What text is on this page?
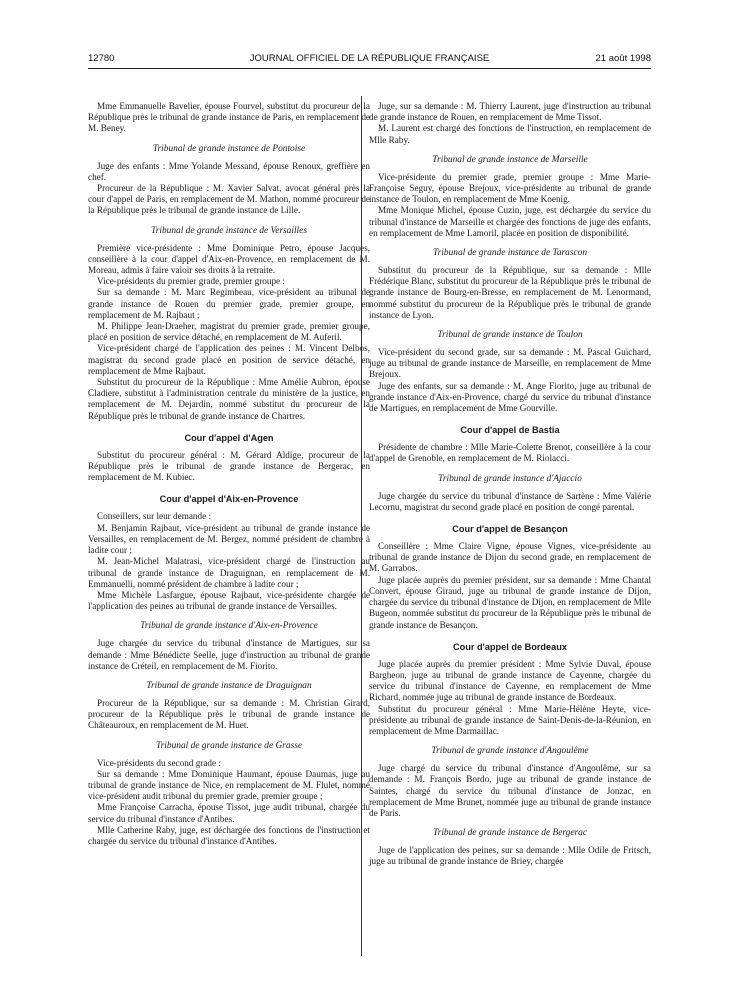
12780	JOURNAL OFFICIEL DE LA RÉPUBLIQUE FRANÇAISE	21 août 1998

Mme Emmanuelle Bavelier, épouse Fourvel, substitut du procureur de la République près le tribunal de grande instance de Paris, en remplacement de M. Beney.

Tribunal de grande instance de Pontoise

Juge des enfants : Mme Yolande Messand, épouse Renoux, greffière en chef.

Procureur de la République : M. Xavier Salvat, avocat général près la cour d'appel de Paris, en remplacement de M. Mathon, nommé procureur de la République près le tribunal de grande instance de Lille.

Tribunal de grande instance de Versailles

Première vice-présidente : Mme Dominique Petro, épouse Jacques, conseillère à la cour d'appel d'Aix-en-Provence, en remplacement de M. Moreau, admis à faire valoir ses droits à la retraite.

Vice-présidents du premier grade, premier groupe :

Sur sa demande : M. Marc Regimbeau, vice-président au tribunal de grande instance de Rouen du premier grade, premier groupe, en remplacement de M. Rajbaut ;

M. Philippe Jean-Draeher, magistrat du premier grade, premier groupe, placé en position de service détaché, en remplacement de M. Auferil.

Vice-président chargé de l'application des peines : M. Vincent Delbos, magistrat du second grade placé en position de service détaché, en remplacement de Mme Rajbaut.

Substitut du procureur de la République : Mme Amélie Aubron, épouse Cladiere, substitut à l'administration centrale du ministère de la justice, en remplacement de M. Dejardin, nommé substitut du procureur de la République près le tribunal de grande instance de Chartres.

Cour d'appel d'Agen

Substitut du procureur général : M. Gérard Aldige, procureur de la République près le tribunal de grande instance de Bergerac, en remplacement de M. Kubiec.

Cour d'appel d'Aix-en-Provence

Conseillers, sur leur demande :

M. Benjamin Rajbaut, vice-président au tribunal de grande instance de Versailles, en remplacement de M. Bergez, nommé président de chambre à ladite cour ;

M. Jean-Michel Malatrasi, vice-président chargé de l'instruction au tribunal de grande instance de Draguignan, en remplacement de M. Emmanuelli, nommé président de chambre à ladite cour ;

Mme Michèle Lasfargue, épouse Rajbaut, vice-présidente chargée de l'application des peines au tribunal de grande instance de Versailles.

Tribunal de grande instance d'Aix-en-Provence

Juge chargée du service du tribunal d'instance de Martigues, sur sa demande : Mme Bénédicte Seelle, juge d'instruction au tribunal de grande instance de Créteil, en remplacement de M. Fiorito.

Tribunal de grande instance de Draguignan

Procureur de la République, sur sa demande : M. Christian Girard, procureur de la République près le tribunal de grande instance de Châteauroux, en remplacement de M. Huet.

Tribunal de grande instance de Grasse

Vice-présidents du second grade :

Sur sa demande : Mme Dominique Haumant, épouse Daumas, juge au tribunal de grande instance de Nice, en remplacement de M. Flulet, nommé vice-président audit tribunal du premier grade, premier groupe ;

Mme Françoise Carracha, épouse Tissot, juge audit tribunal, chargée du service du tribunal d'instance d'Antibes.

Mlle Catherine Raby, juge, est déchargée des fonctions de l'instruction et chargée du service du tribunal d'instance d'Antibes.

Juge, sur sa demande : M. Thierry Laurent, juge d'instruction au tribunal de grande instance de Rouen, en remplacement de Mme Tissot.

M. Laurent est chargé des fonctions de l'instruction, en remplacement de Mlle Raby.

Tribunal de grande instance de Marseille

Vice-présidente du premier grade, premier groupe : Mme Marie-Françoise Seguy, épouse Brejoux, vice-présidente au tribunal de grande instance de Toulon, en remplacement de Mme Koenig.

Mme Monique Michel, épouse Cuzin, juge, est déchargée du service du tribunal d'instance de Marseille et chargée des fonctions de juge des enfants, en remplacement de Mme Lamoril, placée en position de disponibilité.

Tribunal de grande instance de Tarascon

Substitut du procureur de la République, sur sa demande : Mlle Frédérique Blanc, substitut du procureur de la République près le tribunal de grande instance de Bourg-en-Bresse, en remplacement de M. Lenormand, nommé substitut du procureur de la République près le tribunal de grande instance de Lyon.

Tribunal de grande instance de Toulon

Vice-président du second grade, sur sa demande : M. Pascal Guichard, juge au tribunal de grande instance de Marseille, en remplacement de Mme Brejoux.

Juge des enfants, sur sa demande : M. Ange Fiorito, juge au tribunal de grande instance d'Aix-en-Provence, chargé du service du tribunal d'instance de Martigues, en remplacement de Mme Gourville.

Cour d'appel de Bastia

Présidente de chambre : Mlle Marie-Colette Brenot, conseillère à la cour d'appel de Grenoble, en remplacement de M. Riolacci.

Tribunal de grande instance d'Ajaccio

Juge chargée du service du tribunal d'instance de Sartène : Mme Valérie Lecornu, magistrat du second grade placé en position de congé parental.

Cour d'appel de Besançon

Conseillère : Mme Claire Vigne, épouse Vignes, vice-présidente au tribunal de grande instance de Dijon du second grade, en remplacement de M. Garrabos.

Juge placée auprès du premier président, sur sa demande : Mme Chantal Convert, épouse Giraud, juge au tribunal de grande instance de Dijon, chargée du service du tribunal d'instance de Dijon, en remplacement de Mlle Bugeon, nommée substitut du procureur de la République près le tribunal de grande instance de Besançon.

Cour d'appel de Bordeaux

Juge placée auprès du premier président : Mme Sylvie Duval, épouse Bargheon, juge au tribunal de grande instance de Cayenne, chargée du service du tribunal d'instance de Cayenne, en remplacement de Mme Richard, nommée juge au tribunal de grande instance de Bordeaux.

Substitut du procureur général : Mme Marie-Hélène Heyte, vice-présidente au tribunal de grande instance de Saint-Denis-de-la-Réunion, en remplacement de Mme Darmaillac.

Tribunal de grande instance d'Angoulême

Juge chargé du service du tribunal d'instance d'Angoulême, sur sa demande : M. François Bordo, juge au tribunal de grande instance de Saintes, chargé du service du tribunal d'instance de Jonzac, en remplacement de Mme Brunet, nommée juge au tribunal de grande instance de Paris.

Tribunal de grande instance de Bergerac

Juge de l'application des peines, sur sa demande : Mlle Odile de Fritsch, juge au tribunal de grande instance de Briey, chargée
